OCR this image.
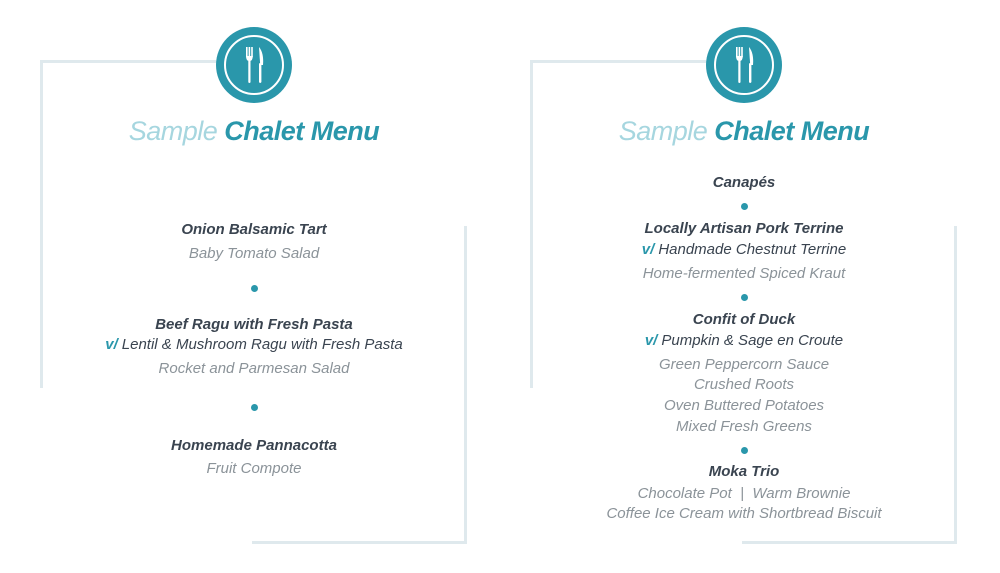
Sample Chalet Menu
Onion Balsamic Tart
Baby Tomato Salad
Beef Ragu with Fresh Pasta
v/ Lentil & Mushroom Ragu with Fresh Pasta
Rocket and Parmesan Salad
Homemade Pannacotta
Fruit Compote
Sample Chalet Menu
Canapés
Locally Artisan Pork Terrine
v/ Handmade Chestnut Terrine
Home-fermented Spiced Kraut
Confit of Duck
v/ Pumpkin & Sage en Croute
Green Peppercorn Sauce
Crushed Roots
Oven Buttered Potatoes
Mixed Fresh Greens
Moka Trio
Chocolate Pot  |  Warm Brownie
Coffee Ice Cream with Shortbread Biscuit
